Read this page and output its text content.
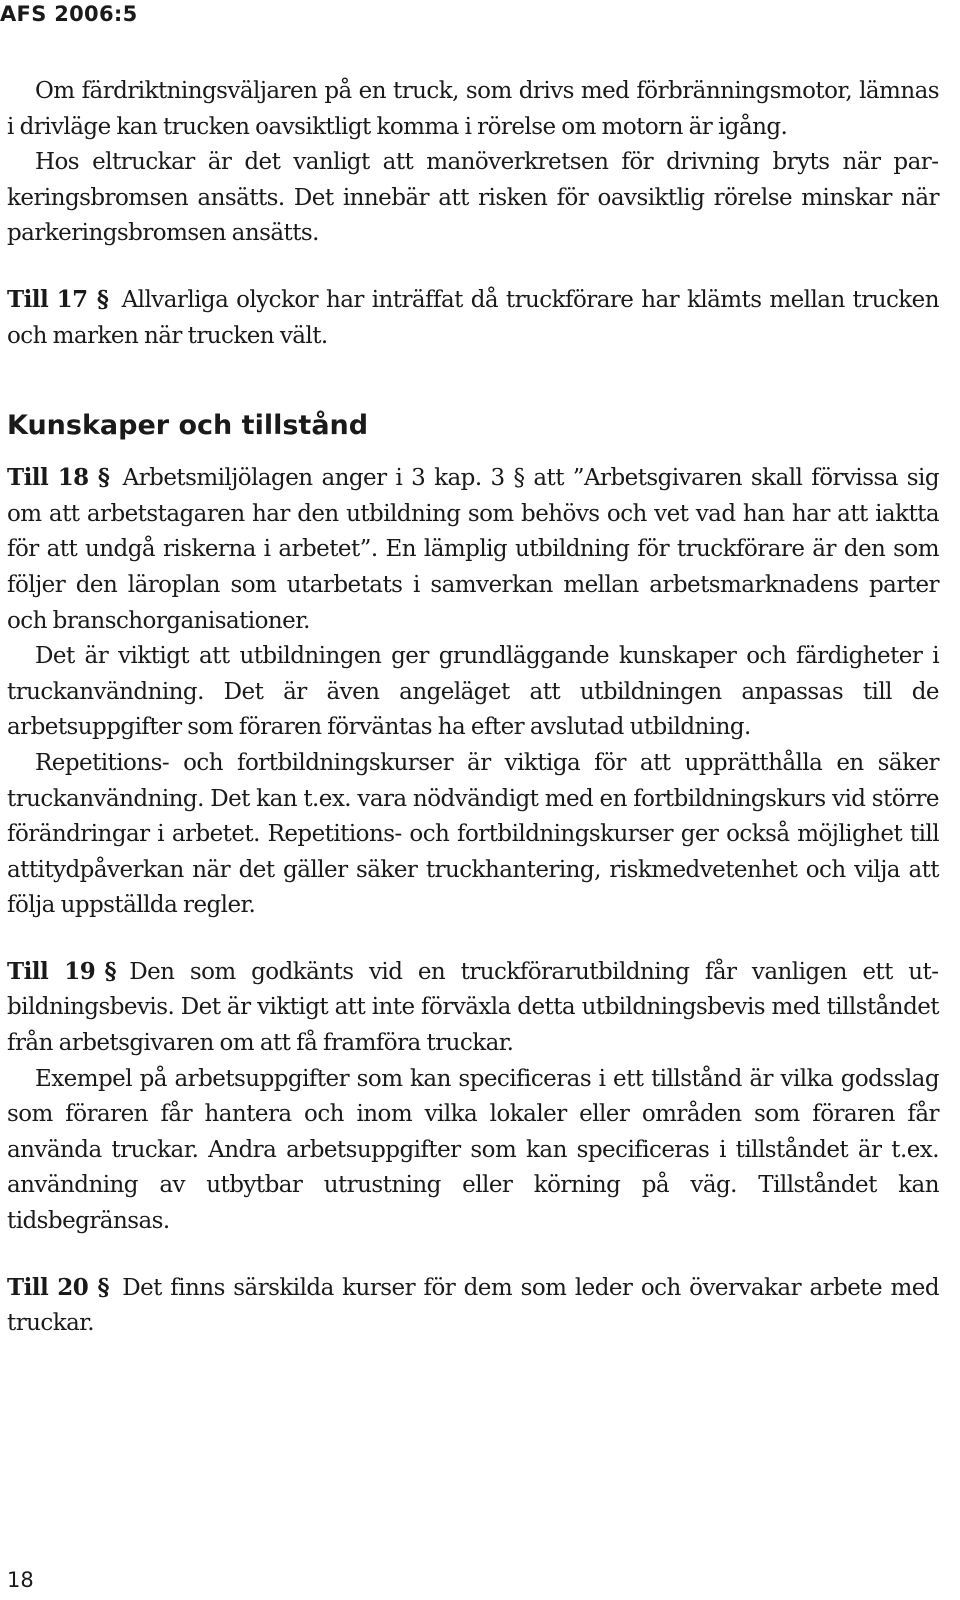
AFS 2006:5

Om färdriktningsväljaren på en truck, som drivs med förbränningsmotor, lämnas i drivläge kan trucken oavsiktligt komma i rörelse om motorn är igång.

Hos eltruckar är det vanligt att manöverkretsen för drivning bryts när parkeringsbromsen ansätts. Det innebär att risken för oavsiktlig rörelse minskar när parkeringsbromsen ansätts.

Till 17 § Allvarliga olyckor har inträffat då truckförare har klämts mellan trucken och marken när trucken vält.

Kunskaper och tillstånd

Till 18 § Arbetsmiljölagen anger i 3 kap. 3 § att ”Arbetsgivaren skall förvissa sig om att arbetstagaren har den utbildning som behövs och vet vad han har att iaktta för att undgå riskerna i arbetet”. En lämplig utbildning för truckförare är den som följer den läroplan som utarbetats i samverkan mellan arbetsmarknadens parter och branschorganisationer.

Det är viktigt att utbildningen ger grundläggande kunskaper och färdigheter i truckanvändning. Det är även angeläget att utbildningen anpassas till de arbetsuppgifter som föraren förväntas ha efter avslutad utbildning.

Repetitions- och fortbildningskurser är viktiga för att upprätthålla en säker truckanvändning. Det kan t.ex. vara nödvändigt med en fortbildningskurs vid större förändringar i arbetet. Repetitions- och fortbildningskurser ger också möjlighet till attitydpåverkan när det gäller säker truckhantering, riskmedvetenhet och vilja att följa uppställda regler.

Till 19 § Den som godkänts vid en truckförarutbildning får vanligen ett utbildningsbevis. Det är viktigt att inte förväxla detta utbildningsbevis med tillståndet från arbetsgivaren om att få framföra truckar.

Exempel på arbetsuppgifter som kan specificeras i ett tillstånd är vilka godsslag som föraren får hantera och inom vilka lokaler eller områden som föraren får använda truckar. Andra arbetsuppgifter som kan specificeras i tillståndet är t.ex. användning av utbytbar utrustning eller körning på väg. Tillståndet kan tidsbegränsas.

Till 20 § Det finns särskilda kurser för dem som leder och övervakar arbete med truckar.

18
